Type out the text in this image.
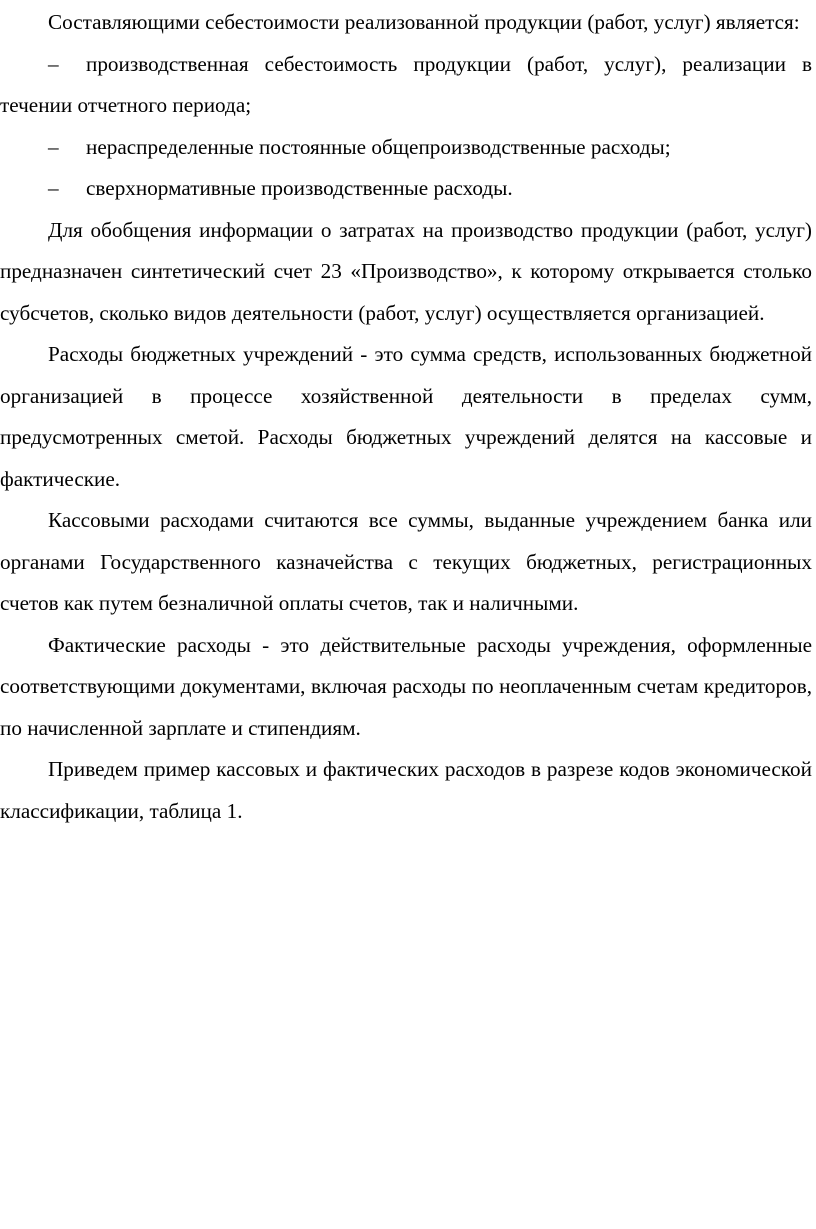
Составляющими себестоимости реализованной продукции (работ, услуг) является:

– производственная себестоимость продукции (работ, услуг), реализации в течении отчетного периода;

– нераспределенные постоянные общепроизводственные расходы;

– сверхнормативные производственные расходы.

Для обобщения информации о затратах на производство продукции (работ, услуг) предназначен синтетический счет 23 «Производство», к которому открывается столько субсчетов, сколько видов деятельности (работ, услуг) осуществляется организацией.

Расходы бюджетных учреждений - это сумма средств, использованных бюджетной организацией в процессе хозяйственной деятельности в пределах сумм, предусмотренных сметой. Расходы бюджетных учреждений делятся на кассовые и фактические.

Кассовыми расходами считаются все суммы, выданные учреждением банка или органами Государственного казначейства с текущих бюджетных, регистрационных счетов как путем безналичной оплаты счетов, так и наличными.

Фактические расходы - это действительные расходы учреждения, оформленные соответствующими документами, включая расходы по неоплаченным счетам кредиторов, по начисленной зарплате и стипендиям.

Приведем пример кассовых и фактических расходов в разрезе кодов экономической классификации, таблица 1.
